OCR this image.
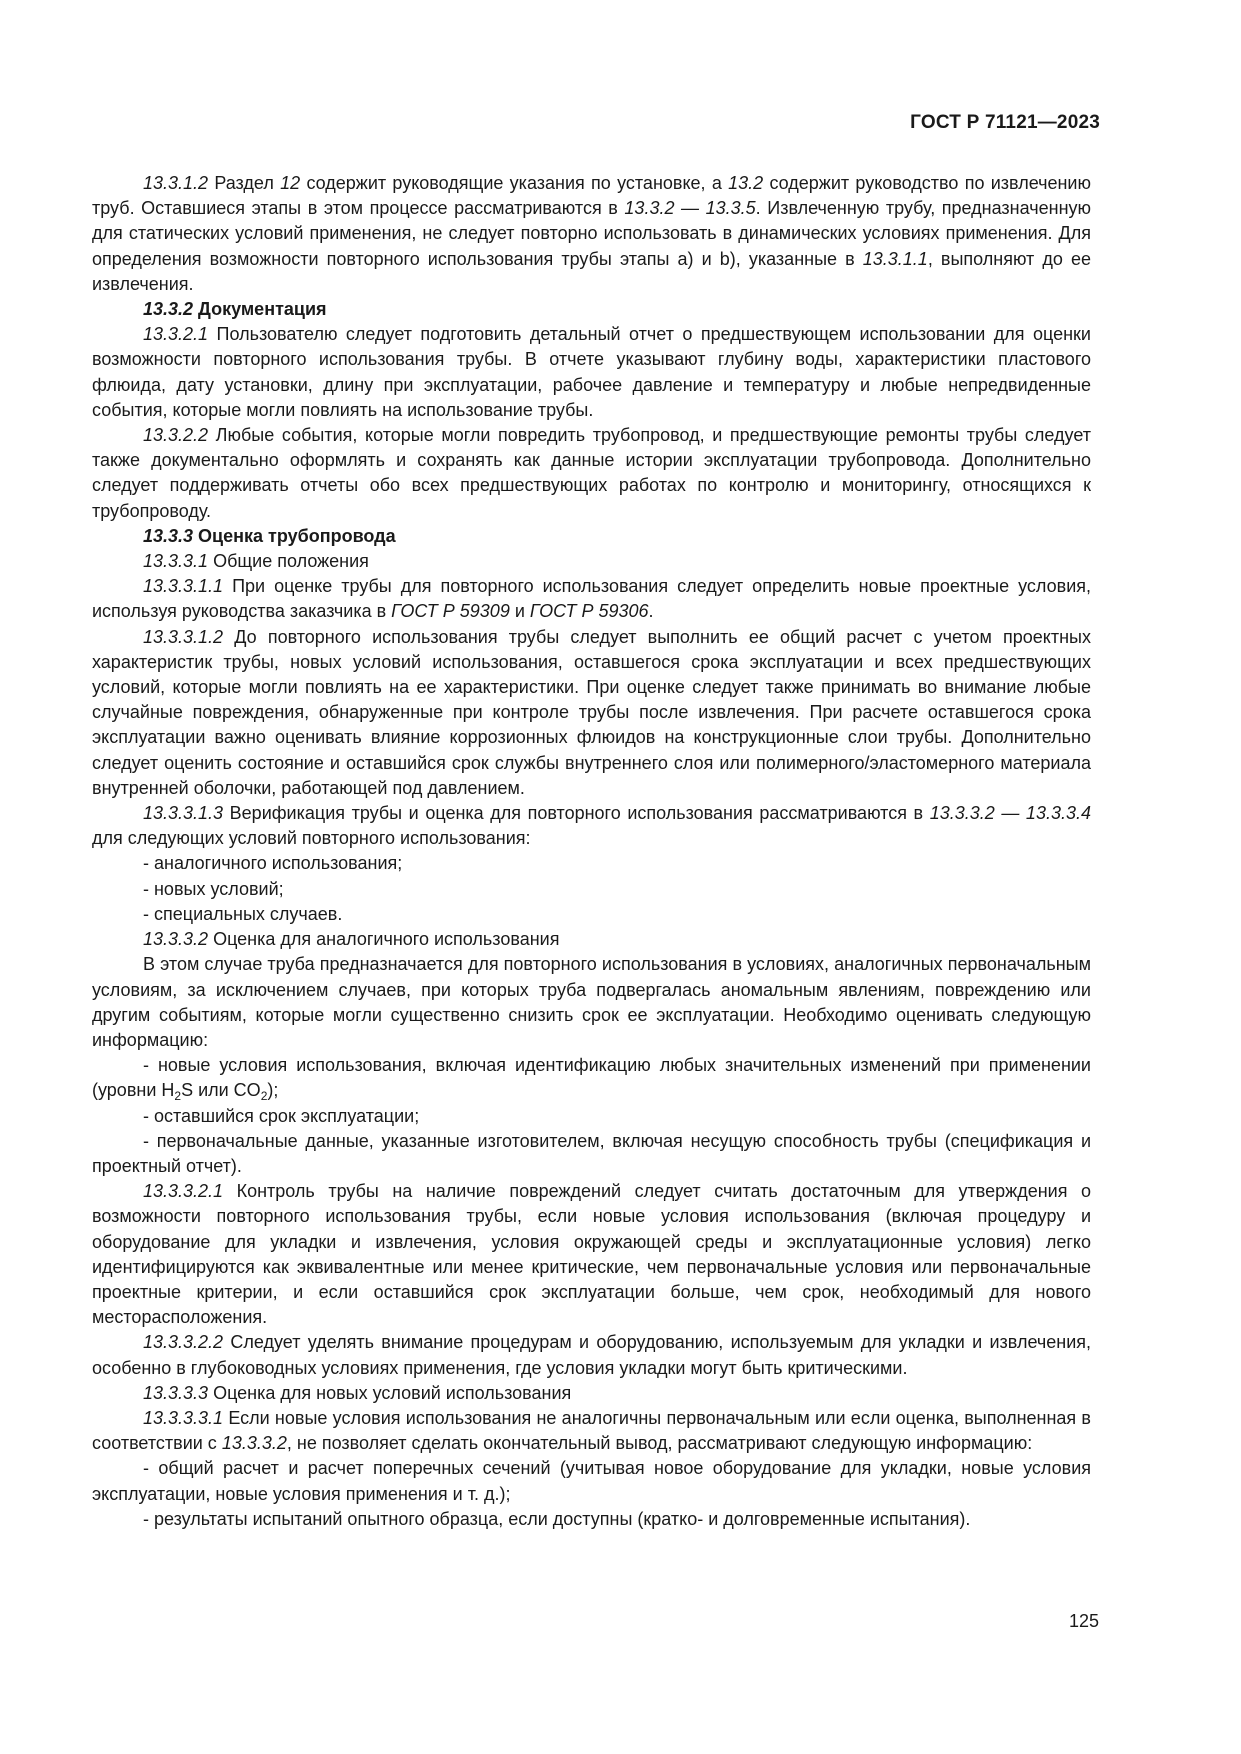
ГОСТ Р 71121—2023

13.3.1.2 Раздел 12 содержит руководящие указания по установке, а 13.2 содержит руководство по извлечению труб. Оставшиеся этапы в этом процессе рассматриваются в 13.3.2 — 13.3.5. Извлеченную трубу, предназначенную для статических условий применения, не следует повторно использовать в динамических условиях применения. Для определения возможности повторного использования трубы этапы а) и b), указанные в 13.3.1.1, выполняют до ее извлечения.

13.3.2 Документация

13.3.2.1 Пользователю следует подготовить детальный отчет о предшествующем использовании для оценки возможности повторного использования трубы. В отчете указывают глубину воды, характеристики пластового флюида, дату установки, длину при эксплуатации, рабочее давление и температуру и любые непредвиденные события, которые могли повлиять на использование трубы.

13.3.2.2 Любые события, которые могли повредить трубопровод, и предшествующие ремонты трубы следует также документально оформлять и сохранять как данные истории эксплуатации трубопровода. Дополнительно следует поддерживать отчеты обо всех предшествующих работах по контролю и мониторингу, относящихся к трубопроводу.

13.3.3 Оценка трубопровода

13.3.3.1 Общие положения

13.3.3.1.1 При оценке трубы для повторного использования следует определить новые проектные условия, используя руководства заказчика в ГОСТ Р 59309 и ГОСТ Р 59306.

13.3.3.1.2 До повторного использования трубы следует выполнить ее общий расчет с учетом проектных характеристик трубы, новых условий использования, оставшегося срока эксплуатации и всех предшествующих условий, которые могли повлиять на ее характеристики. При оценке следует также принимать во внимание любые случайные повреждения, обнаруженные при контроле трубы после извлечения. При расчете оставшегося срока эксплуатации важно оценивать влияние коррозионных флюидов на конструкционные слои трубы. Дополнительно следует оценить состояние и оставшийся срок службы внутреннего слоя или полимерного/эластомерного материала внутренней оболочки, работающей под давлением.

13.3.3.1.3 Верификация трубы и оценка для повторного использования рассматриваются в 13.3.3.2 — 13.3.3.4 для следующих условий повторного использования:

- аналогичного использования;

- новых условий;

- специальных случаев.

13.3.3.2 Оценка для аналогичного использования

В этом случае труба предназначается для повторного использования в условиях, аналогичных первоначальным условиям, за исключением случаев, при которых труба подвергалась аномальным явлениям, повреждению или другим событиям, которые могли существенно снизить срок ее эксплуатации. Необходимо оценивать следующую информацию:

- новые условия использования, включая идентификацию любых значительных изменений при применении (уровни $H_2S$ или $CO_2$);

- оставшийся срок эксплуатации;

- первоначальные данные, указанные изготовителем, включая несущую способность трубы (спецификация и проектный отчет).

13.3.3.2.1 Контроль трубы на наличие повреждений следует считать достаточным для утверждения о возможности повторного использования трубы, если новые условия использования (включая процедуру и оборудование для укладки и извлечения, условия окружающей среды и эксплуатационные условия) легко идентифицируются как эквивалентные или менее критические, чем первоначальные условия или первоначальные проектные критерии, и если оставшийся срок эксплуатации больше, чем срок, необходимый для нового месторасположения.

13.3.3.2.2 Следует уделять внимание процедурам и оборудованию, используемым для укладки и извлечения, особенно в глубоководных условиях применения, где условия укладки могут быть критическими.

13.3.3.3 Оценка для новых условий использования

13.3.3.3.1 Если новые условия использования не аналогичны первоначальным или если оценка, выполненная в соответствии с 13.3.3.2, не позволяет сделать окончательный вывод, рассматривают следующую информацию:

- общий расчет и расчет поперечных сечений (учитывая новое оборудование для укладки, новые условия эксплуатации, новые условия применения и т. д.);

- результаты испытаний опытного образца, если доступны (кратко- и долговременные испытания).

125
